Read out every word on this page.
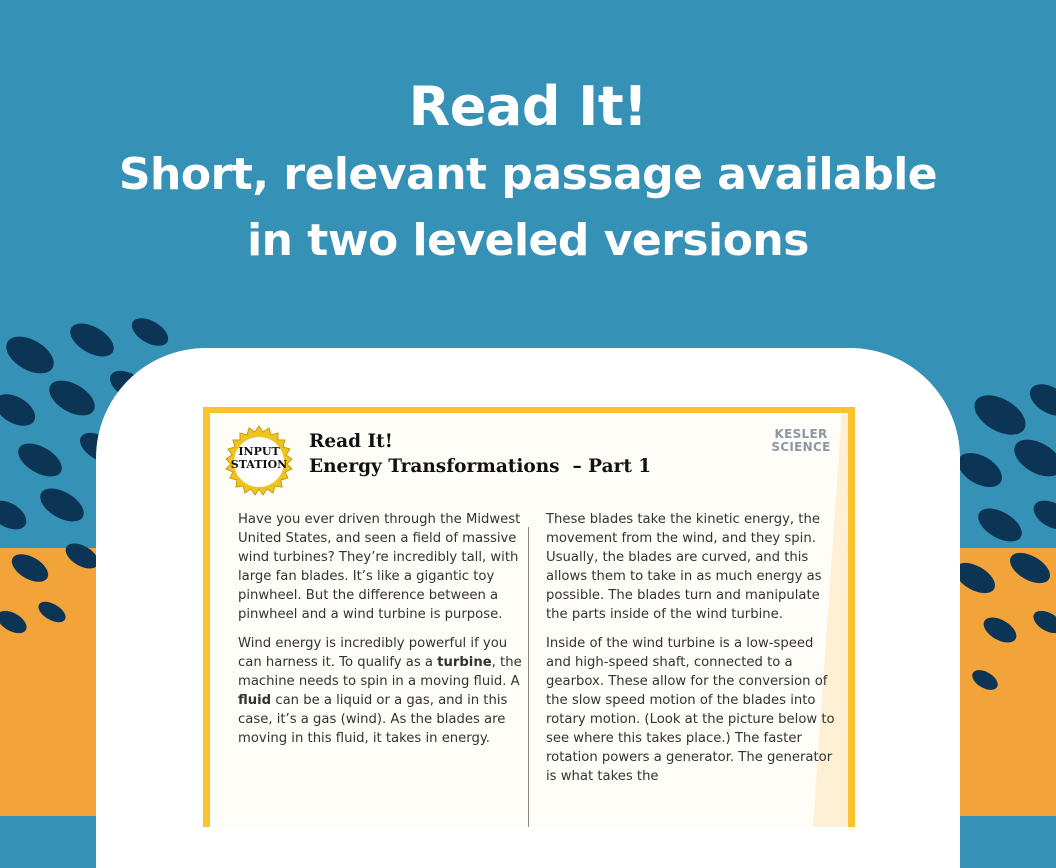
Read It!
Short, relevant passage available
in two leveled versions
INPUT
STATION
Read It!
Energy Transformations  – Part 1
KESLER
SCIENCE

Have you ever driven through the Midwest United States, and seen a field of massive wind turbines? They’re incredibly tall, with large fan blades. It’s like a gigantic toy pinwheel. But the difference between a pinwheel and a wind turbine is purpose.

Wind energy is incredibly powerful if you can harness it. To qualify as a turbine, the machine needs to spin in a moving fluid. A fluid can be a liquid or a gas, and in this case, it’s a gas (wind). As the blades are moving in this fluid, it takes in energy.

These blades take the kinetic energy, the movement from the wind, and they spin. Usually, the blades are curved, and this allows them to take in as much energy as possible. The blades turn and manipulate the parts inside of the wind turbine.

Inside of the wind turbine is a low-speed and high-speed shaft, connected to a gearbox. These allow for the conversion of the slow speed motion of the blades into rotary motion. (Look at the picture below to see where this takes place.) The faster rotation powers a generator. The generator is what takes the
